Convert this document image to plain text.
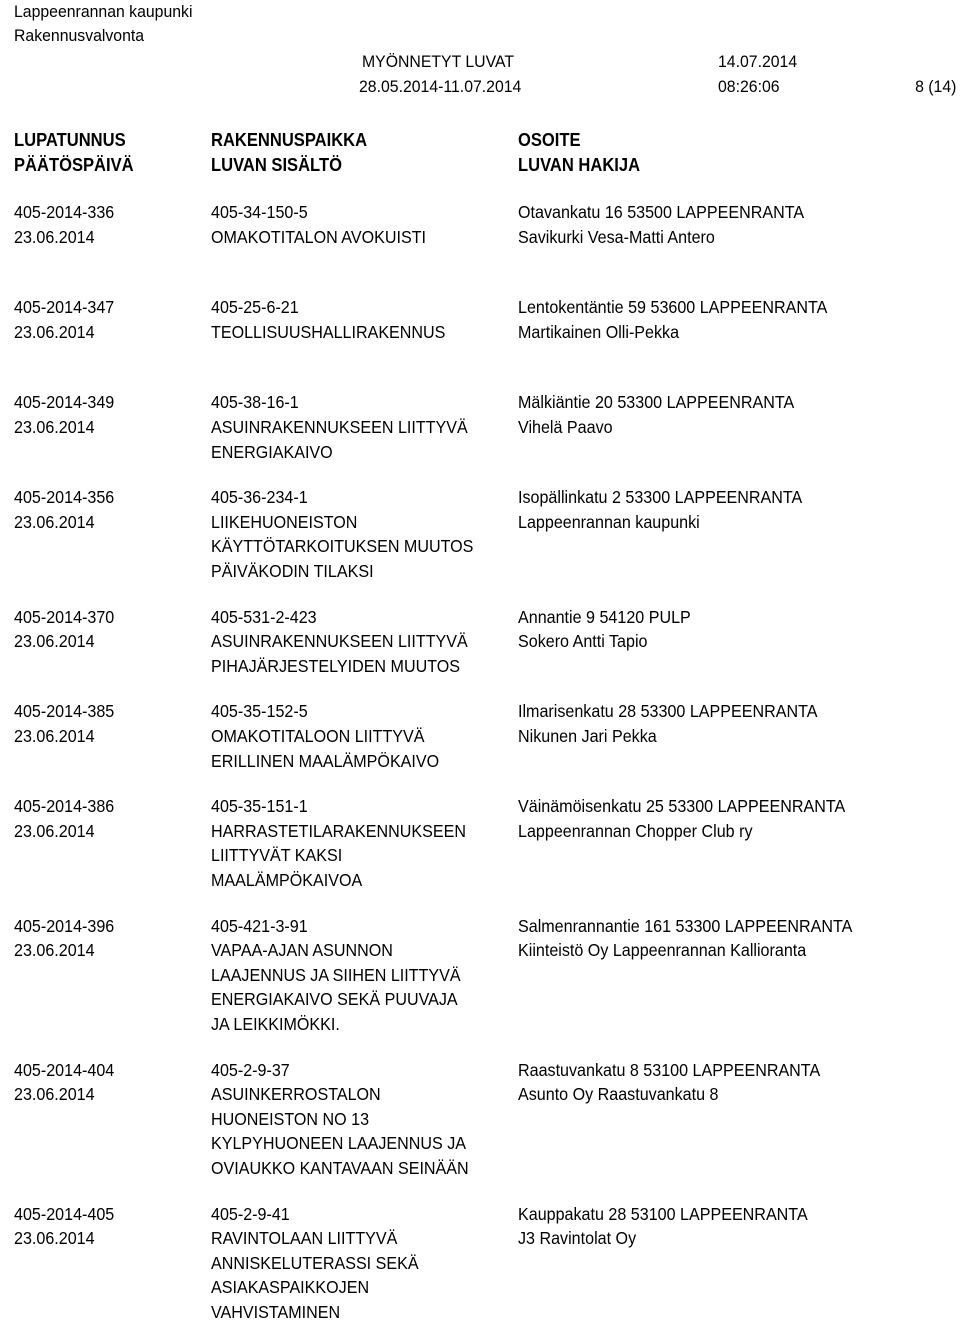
Lappeenrannan kaupunki
Rakennusvalvonta
MYÖNNETYT LUVAT
28.05.2014-11.07.2014
14.07.2014
08:26:06	8 (14)
LUPATUNNUS
PÄÄTÖSPÄIVÄ
RAKENNUSPAIKKA
LUVAN SISÄLTÖ
OSOITE
LUVAN HAKIJA
405-2014-336
23.06.2014
405-34-150-5
OMAKOTITALON AVOKUISTI
Otavankatu 16 53500 LAPPEENRANTA
Savikurki Vesa-Matti Antero
405-2014-347
23.06.2014
405-25-6-21
TEOLLISUUSHALLIRAKENNUS
Lentokentäntie 59 53600 LAPPEENRANTA
Martikainen Olli-Pekka
405-2014-349
23.06.2014
405-38-16-1
ASUINRAKENNUKSEEN LIITTYVÄ
ENERGIAKAIVO
Mälkiäntie 20 53300 LAPPEENRANTA
Vihelä Paavo
405-2014-356
23.06.2014
405-36-234-1
LIIKEHUONEISTON
KÄYTTÖTARKOITUKSEN MUUTOS
PÄIVÄKODIN TILAKSI
Isopällinkatu 2 53300 LAPPEENRANTA
Lappeenrannan kaupunki
405-2014-370
23.06.2014
405-531-2-423
ASUINRAKENNUKSEEN LIITTYVÄ
PIHAJÄRJESTELYIDEN MUUTOS
Annantie 9 54120 PULP
Sokero Antti Tapio
405-2014-385
23.06.2014
405-35-152-5
OMAKOTITALOON LIITTYVÄ
ERILLINEN MAALÄMPÖKAIVO
Ilmarisenkatu 28 53300 LAPPEENRANTA
Nikunen Jari Pekka
405-2014-386
23.06.2014
405-35-151-1
HARRASTETILARAKENNUKSEEN
LIITTYVÄT KAKSI
MAALÄMPÖKAIVOA
Väinämöisenkatu 25 53300 LAPPEENRANTA
Lappeenrannan Chopper Club ry
405-2014-396
23.06.2014
405-421-3-91
VAPAA-AJAN ASUNNON
LAAJENNUS JA SIIHEN LIITTYVÄ
ENERGIAKAIVO SEKÄ PUUVAJA
JA LEIKKIMÖKKI.
Salmenrannantie 161 53300 LAPPEENRANTA
Kiinteistö Oy Lappeenrannan Kallioranta
405-2014-404
23.06.2014
405-2-9-37
ASUINKERROSTALON
HUONEISTON NO 13
KYLPYHUONEEN LAAJENNUS JA
OVIAUKKO KANTAVAAN SEINÄÄN
Raastuvankatu 8 53100 LAPPEENRANTA
Asunto Oy Raastuvankatu 8
405-2014-405
23.06.2014
405-2-9-41
RAVINTOLAAN LIITTYVÄ
ANNISKELUTERASSI SEKÄ
ASIAKASPAIKKOJEN
VAHVISTAMINEN
Kauppakatu 28 53100 LAPPEENRANTA
J3 Ravintolat Oy
